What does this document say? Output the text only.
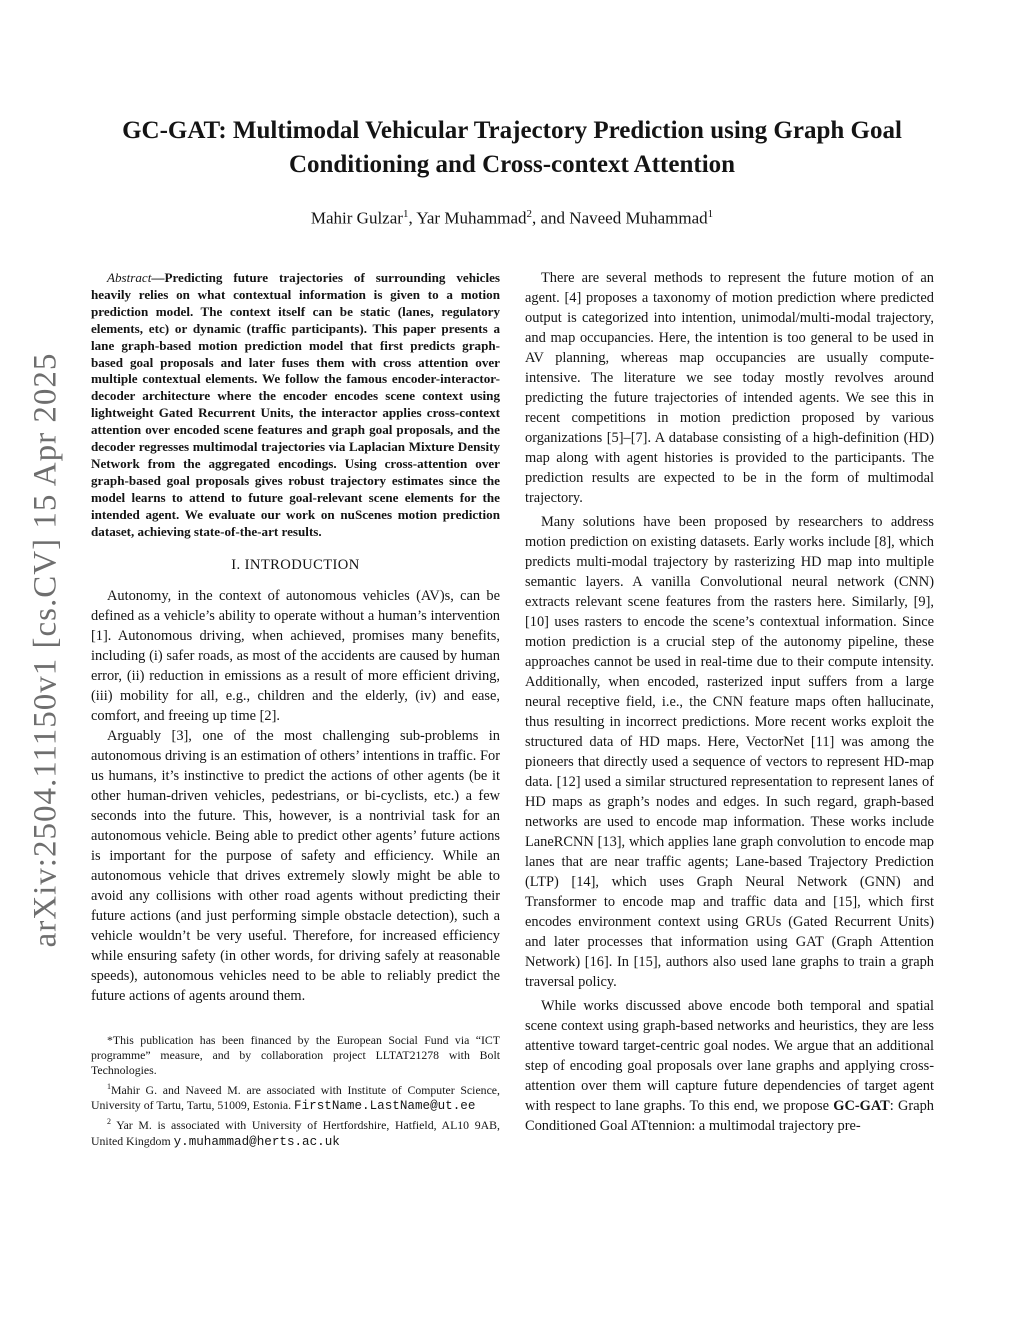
arXiv:2504.11150v1 [cs.CV] 15 Apr 2025
GC-GAT: Multimodal Vehicular Trajectory Prediction using Graph Goal Conditioning and Cross-context Attention
Mahir Gulzar$^1$, Yar Muhammad$^2$, and Naveed Muhammad$^1$

Abstract—Predicting future trajectories of surrounding vehicles heavily relies on what contextual information is given to a motion prediction model. The context itself can be static (lanes, regulatory elements, etc) or dynamic (traffic participants). This paper presents a lane graph-based motion prediction model that first predicts graph-based goal proposals and later fuses them with cross attention over multiple contextual elements. We follow the famous encoder-interactor-decoder architecture where the encoder encodes scene context using lightweight Gated Recurrent Units, the interactor applies cross-context attention over encoded scene features and graph goal proposals, and the decoder regresses multimodal trajectories via Laplacian Mixture Density Network from the aggregated encodings. Using cross-attention over graph-based goal proposals gives robust trajectory estimates since the model learns to attend to future goal-relevant scene elements for the intended agent. We evaluate our work on nuScenes motion prediction dataset, achieving state-of-the-art results.

I. INTRODUCTION

Autonomy, in the context of autonomous vehicles (AV)s, can be defined as a vehicle’s ability to operate without a human’s intervention [1]. Autonomous driving, when achieved, promises many benefits, including (i) safer roads, as most of the accidents are caused by human error, (ii) reduction in emissions as a result of more efficient driving, (iii) mobility for all, e.g., children and the elderly, (iv) and ease, comfort, and freeing up time [2].

Arguably [3], one of the most challenging sub-problems in autonomous driving is an estimation of others’ intentions in traffic. For us humans, it’s instinctive to predict the actions of other agents (be it other human-driven vehicles, pedestrians, or bi-cyclists, etc.) a few seconds into the future. This, however, is a nontrivial task for an autonomous vehicle. Being able to predict other agents’ future actions is important for the purpose of safety and efficiency. While an autonomous vehicle that drives extremely slowly might be able to avoid any collisions with other road agents without predicting their future actions (and just performing simple obstacle detection), such a vehicle wouldn’t be very useful. Therefore, for increased efficiency while ensuring safety (in other words, for driving safely at reasonable speeds), autonomous vehicles need to be able to reliably predict the future actions of agents around them.

*This publication has been financed by the European Social Fund via “ICT programme” measure, and by collaboration project LLTAT21278 with Bolt Technologies.

$^1$Mahir G. and Naveed M. are associated with Institute of Computer Science, University of Tartu, Tartu, 51009, Estonia. FirstName.LastName@ut.ee

$^2$ Yar M. is associated with University of Hertfordshire, Hatfield, AL10 9AB, United Kingdom y.muhammad@herts.ac.uk

There are several methods to represent the future motion of an agent. [4] proposes a taxonomy of motion prediction where predicted output is categorized into intention, unimodal/multi-modal trajectory, and map occupancies. Here, the intention is too general to be used in AV planning, whereas map occupancies are usually compute-intensive. The literature we see today mostly revolves around predicting the future trajectories of intended agents. We see this in recent competitions in motion prediction proposed by various organizations [5]–[7]. A database consisting of a high-definition (HD) map along with agent histories is provided to the participants. The prediction results are expected to be in the form of multimodal trajectory.

Many solutions have been proposed by researchers to address motion prediction on existing datasets. Early works include [8], which predicts multi-modal trajectory by rasterizing HD map into multiple semantic layers. A vanilla Convolutional neural network (CNN) extracts relevant scene features from the rasters here. Similarly, [9], [10] uses rasters to encode the scene’s contextual information. Since motion prediction is a crucial step of the autonomy pipeline, these approaches cannot be used in real-time due to their compute intensity. Additionally, when encoded, rasterized input suffers from a large neural receptive field, i.e., the CNN feature maps often hallucinate, thus resulting in incorrect predictions. More recent works exploit the structured data of HD maps. Here, VectorNet [11] was among the pioneers that directly used a sequence of vectors to represent HD-map data. [12] used a similar structured representation to represent lanes of HD maps as graph’s nodes and edges. In such regard, graph-based networks are used to encode map information. These works include LaneRCNN [13], which applies lane graph convolution to encode map lanes that are near traffic agents; Lane-based Trajectory Prediction (LTP) [14], which uses Graph Neural Network (GNN) and Transformer to encode map and traffic data and [15], which first encodes environment context using GRUs (Gated Recurrent Units) and later processes that information using GAT (Graph Attention Network) [16]. In [15], authors also used lane graphs to train a graph traversal policy.

While works discussed above encode both temporal and spatial scene context using graph-based networks and heuristics, they are less attentive toward target-centric goal nodes. We argue that an additional step of encoding goal proposals over lane graphs and applying cross-attention over them will capture future dependencies of target agent with respect to lane graphs. To this end, we propose GC-GAT: Graph Conditioned Goal ATtennion: a multimodal trajectory pre-
